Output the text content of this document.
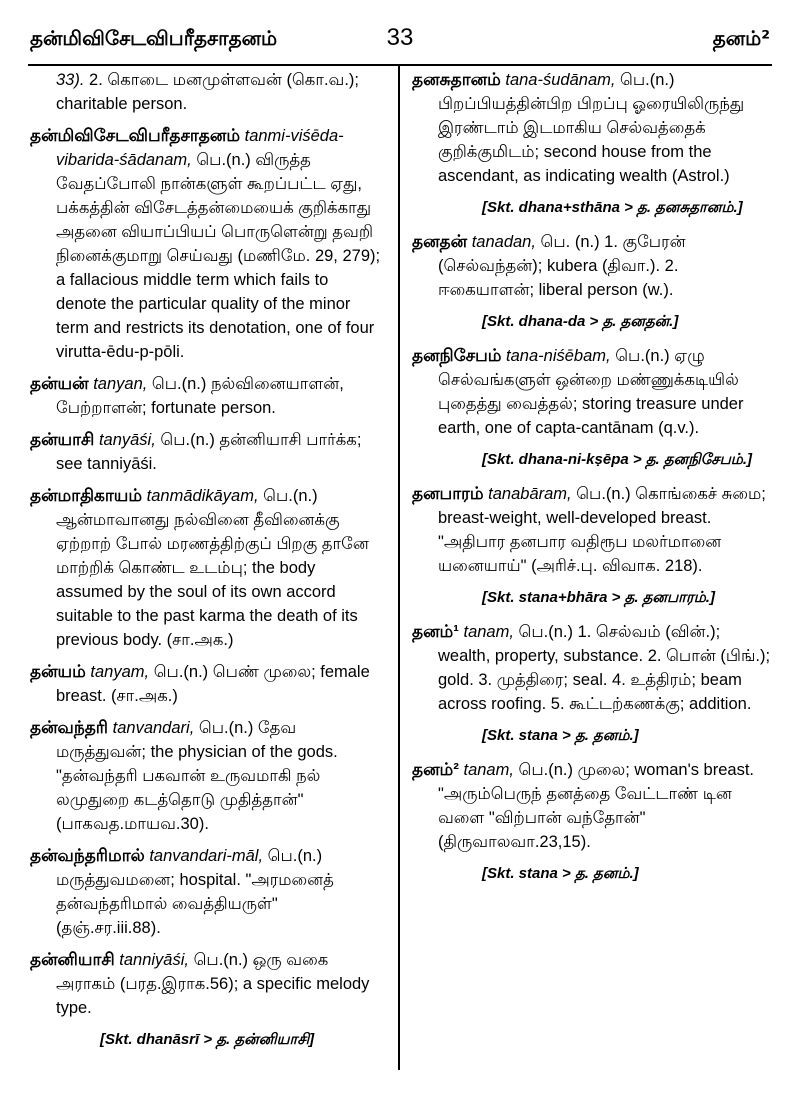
தன்மிவிசேடவிபரீதசாதனம்	33	தனம்²

33). 2. கொடை மனமுள்ளவன் (கொ.வ.); charitable person.

தன்மிவிசேடவிபரீதசாதனம் tanmi-viśēda-vibarida-śādanam, பெ.(n.) விருத்த வேதப்போலி நான்களுள் கூறப்பட்ட ஏது, பக்கத்தின் விசேடத்தன்மையைக் குறிக்காது அதனை வியாப்பியப் பொருளென்று தவறி நினைக்குமாறு செய்வது (மணிமே. 29, 279); a fallacious middle term which fails to denote the particular quality of the minor term and restricts its denotation, one of four virutta-ēdu-p-pōli.

தன்யன் tanyan, பெ.(n.) நல்வினையாளன், பேற்றாளன்; fortunate person.

தன்யாசி tanyāśi, பெ.(n.) தன்னியாசி பார்க்க; see tanniyāśi.

தன்மாதிகாயம் tanmādikāyam, பெ.(n.) ஆன்மாவானது நல்வினை தீவினைக்கு ஏற்றாற் போல் மரணத்திற்குப் பிறகு தானே மாற்றிக் கொண்ட உடம்பு; the body assumed by the soul of its own accord suitable to the past karma the death of its previous body. (சா.அக.)

தன்யம் tanyam, பெ.(n.) பெண் முலை; female breast. (சா.அக.)

தன்வந்தரி tanvandari, பெ.(n.) தேவ மருத்துவன்; the physician of the gods. "தன்வந்தரி பகவான் உருவமாகி நல் லமுதுறை கடத்தொடு முதித்தான்" (பாகவத.மாயவ.30).

தன்வந்தரிமால் tanvandari-māl, பெ.(n.) மருத்துவமனை; hospital. "அரமனைத் தன்வந்தரிமால் வைத்தியருள்" (தஞ்.சர.iii.88).

தன்னியாசி tanniyāśi, பெ.(n.) ஒரு வகை அராகம் (பரத.இராக.56); a specific melody type.

[Skt. dhanāsrī > த. தன்னியாசி]

தனசுதானம் tana-śudānam, பெ.(n.) பிறப்பியத்தின்பிற பிறப்பு ஓரையிலிருந்து இரண்டாம் இடமாகிய செல்வத்தைக் குறிக்குமிடம்; second house from the ascendant, as indicating wealth (Astrol.)

[Skt. dhana+sthāna > த. தனசுதானம்.]

தனதன் tanadan, பெ. (n.) 1. குபேரன் (செல்வந்தன்); kubera (திவா.). 2. ஈகையாளன்; liberal person (w.).

[Skt. dhana-da > த. தனதன்.]

தனநிசேபம் tana-niśēbam, பெ.(n.) ஏழு செல்வங்களுள் ஒன்றை மண்ணுக்கடியில் புதைத்து வைத்தல்; storing treasure under earth, one of capta-cantānam (q.v.).

[Skt. dhana-ni-kṣēpa > த. தனநிசேபம்.]

தனபாரம் tanabāram, பெ.(n.) கொங்கைச் சுமை; breast-weight, well-developed breast. "அதிபார தனபார வதிரூப மலர்மானை யனையாய்" (அரிச்.பு. விவாக. 218).

[Skt. stana+bhāra > த. தனபாரம்.]

தனம்¹ tanam, பெ.(n.) 1. செல்வம் (வின்.); wealth, property, substance. 2. பொன் (பிங்.); gold. 3. முத்திரை; seal. 4. உத்திரம்; beam across roofing. 5. கூட்டற்கணக்கு; addition.

[Skt. stana > த. தனம்.]

தனம்² tanam, பெ.(n.) முலை; woman's breast. "அரும்பெருந் தனத்தை வேட்டாண் டின வளை "விற்பான் வந்தோன்" (திருவாலவா.23,15).

[Skt. stana > த. தனம்.]
